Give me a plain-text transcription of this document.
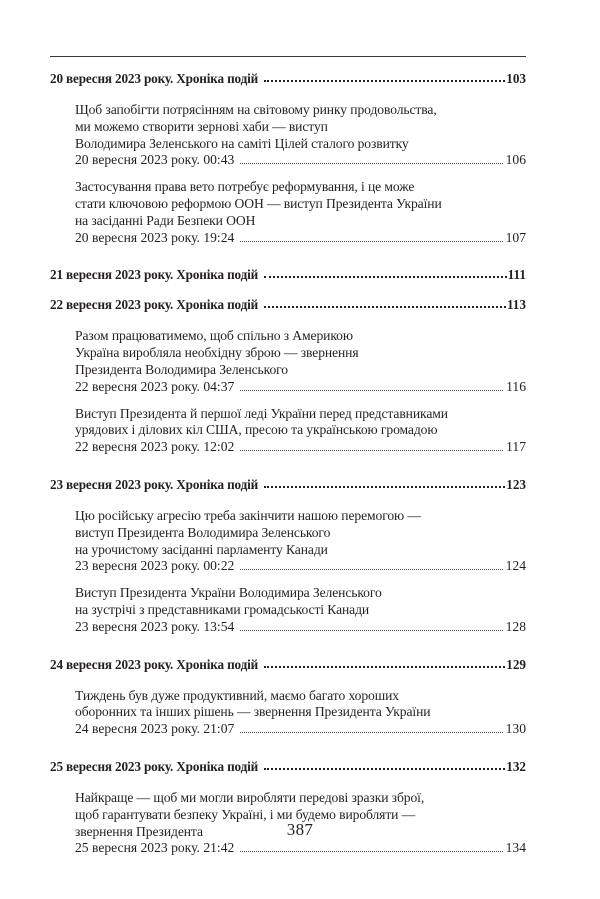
20 вересня 2023 року. Хроніка подій	103
Щоб запобігти потрясінням на світовому ринку продовольства,
ми можемо створити зернові хаби — виступ
Володимира Зеленського на саміті Цілей сталого розвитку
20 вересня 2023 року. 00:43	106
Застосування права вето потребує реформування, і це може
стати ключовою реформою ООН — виступ Президента України
на засіданні Ради Безпеки ООН
20 вересня 2023 року. 19:24	107
21 вересня 2023 року. Хроніка подій	111
22 вересня 2023 року. Хроніка подій	113
Разом працюватимемо, щоб спільно з Америкою
Україна виробляла необхідну зброю — звернення
Президента Володимира Зеленського
22 вересня 2023 року. 04:37	116
Виступ Президента й першої леді України перед представниками
урядових і ділових кіл США, пресою та українською громадою
22 вересня 2023 року. 12:02	117
23 вересня 2023 року. Хроніка подій	123
Цю російську агресію треба закінчити нашою перемогою —
виступ Президента Володимира Зеленського
на урочистому засіданні парламенту Канади
23 вересня 2023 року. 00:22	124
Виступ Президента України Володимира Зеленського
на зустрічі з представниками громадськості Канади
23 вересня 2023 року. 13:54	128
24 вересня 2023 року. Хроніка подій	129
Тиждень був дуже продуктивний, маємо багато хороших
оборонних та інших рішень — звернення Президента України
24 вересня 2023 року. 21:07	130
25 вересня 2023 року. Хроніка подій	132
Найкраще — щоб ми могли виробляти передові зразки зброї,
щоб гарантувати безпеку Україні, і ми будемо виробляти —
звернення Президента
25 вересня 2023 року. 21:42	134
387
